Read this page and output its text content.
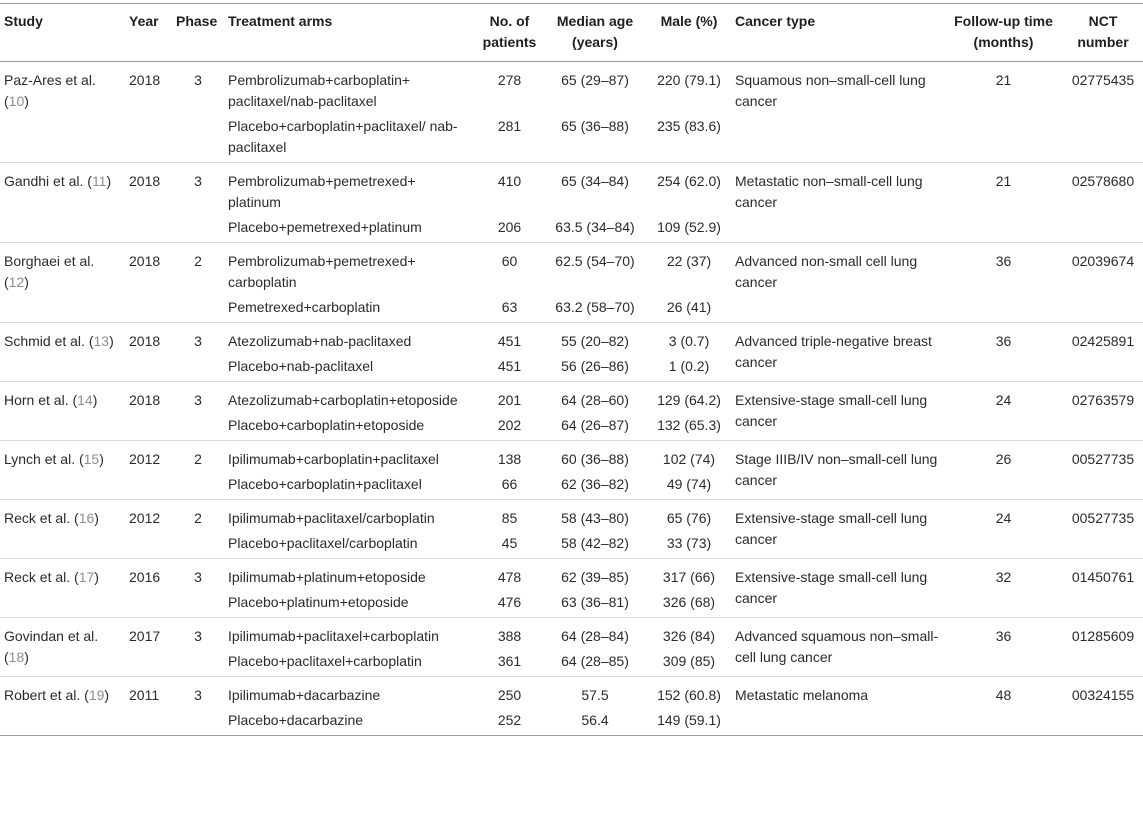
Study	Year	Phase	Treatment arms	No. of patients	Median age (years)	Male (%)	Cancer type	Follow-up time (months)	NCT number
Paz-Ares et al. (10)	2018	3	Pembrolizumab+carboplatin+ paclitaxel/nab-paclitaxel	278	65 (29–87)	220 (79.1)	Squamous non–small-cell lung cancer	21	02775435
			Placebo+carboplatin+paclitaxel/ nab-paclitaxel	281	65 (36–88)	235 (83.6)			
Gandhi et al. (11)	2018	3	Pembrolizumab+pemetrexed+ platinum	410	65 (34–84)	254 (62.0)	Metastatic non–small-cell lung cancer	21	02578680
			Placebo+pemetrexed+platinum	206	63.5 (34–84)	109 (52.9)			
Borghaei et al. (12)	2018	2	Pembrolizumab+pemetrexed+ carboplatin	60	62.5 (54–70)	22 (37)	Advanced non-small cell lung cancer	36	02039674
			Pemetrexed+carboplatin	63	63.2 (58–70)	26 (41)			
Schmid et al. (13)	2018	3	Atezolizumab+nab-paclitaxed	451	55 (20–82)	3 (0.7)	Advanced triple-negative breast cancer	36	02425891
			Placebo+nab-paclitaxel	451	56 (26–86)	1 (0.2)			
Horn et al. (14)	2018	3	Atezolizumab+carboplatin+etoposide	201	64 (28–60)	129 (64.2)	Extensive-stage small-cell lung cancer	24	02763579
			Placebo+carboplatin+etoposide	202	64 (26–87)	132 (65.3)			
Lynch et al. (15)	2012	2	Ipilimumab+carboplatin+paclitaxel	138	60 (36–88)	102 (74)	Stage IIIB/IV non–small-cell lung cancer	26	00527735
			Placebo+carboplatin+paclitaxel	66	62 (36–82)	49 (74)			
Reck et al. (16)	2012	2	Ipilimumab+paclitaxel/carboplatin	85	58 (43–80)	65 (76)	Extensive-stage small-cell lung cancer	24	00527735
			Placebo+paclitaxel/carboplatin	45	58 (42–82)	33 (73)			
Reck et al. (17)	2016	3	Ipilimumab+platinum+etoposide	478	62 (39–85)	317 (66)	Extensive-stage small-cell lung cancer	32	01450761
			Placebo+platinum+etoposide	476	63 (36–81)	326 (68)			
Govindan et al. (18)	2017	3	Ipilimumab+paclitaxel+carboplatin	388	64 (28–84)	326 (84)	Advanced squamous non–small-cell lung cancer	36	01285609
			Placebo+paclitaxel+carboplatin	361	64 (28–85)	309 (85)			
Robert et al. (19)	2011	3	Ipilimumab+dacarbazine	250	57.5	152 (60.8)	Metastatic melanoma	48	00324155
			Placebo+dacarbazine	252	56.4	149 (59.1)			
